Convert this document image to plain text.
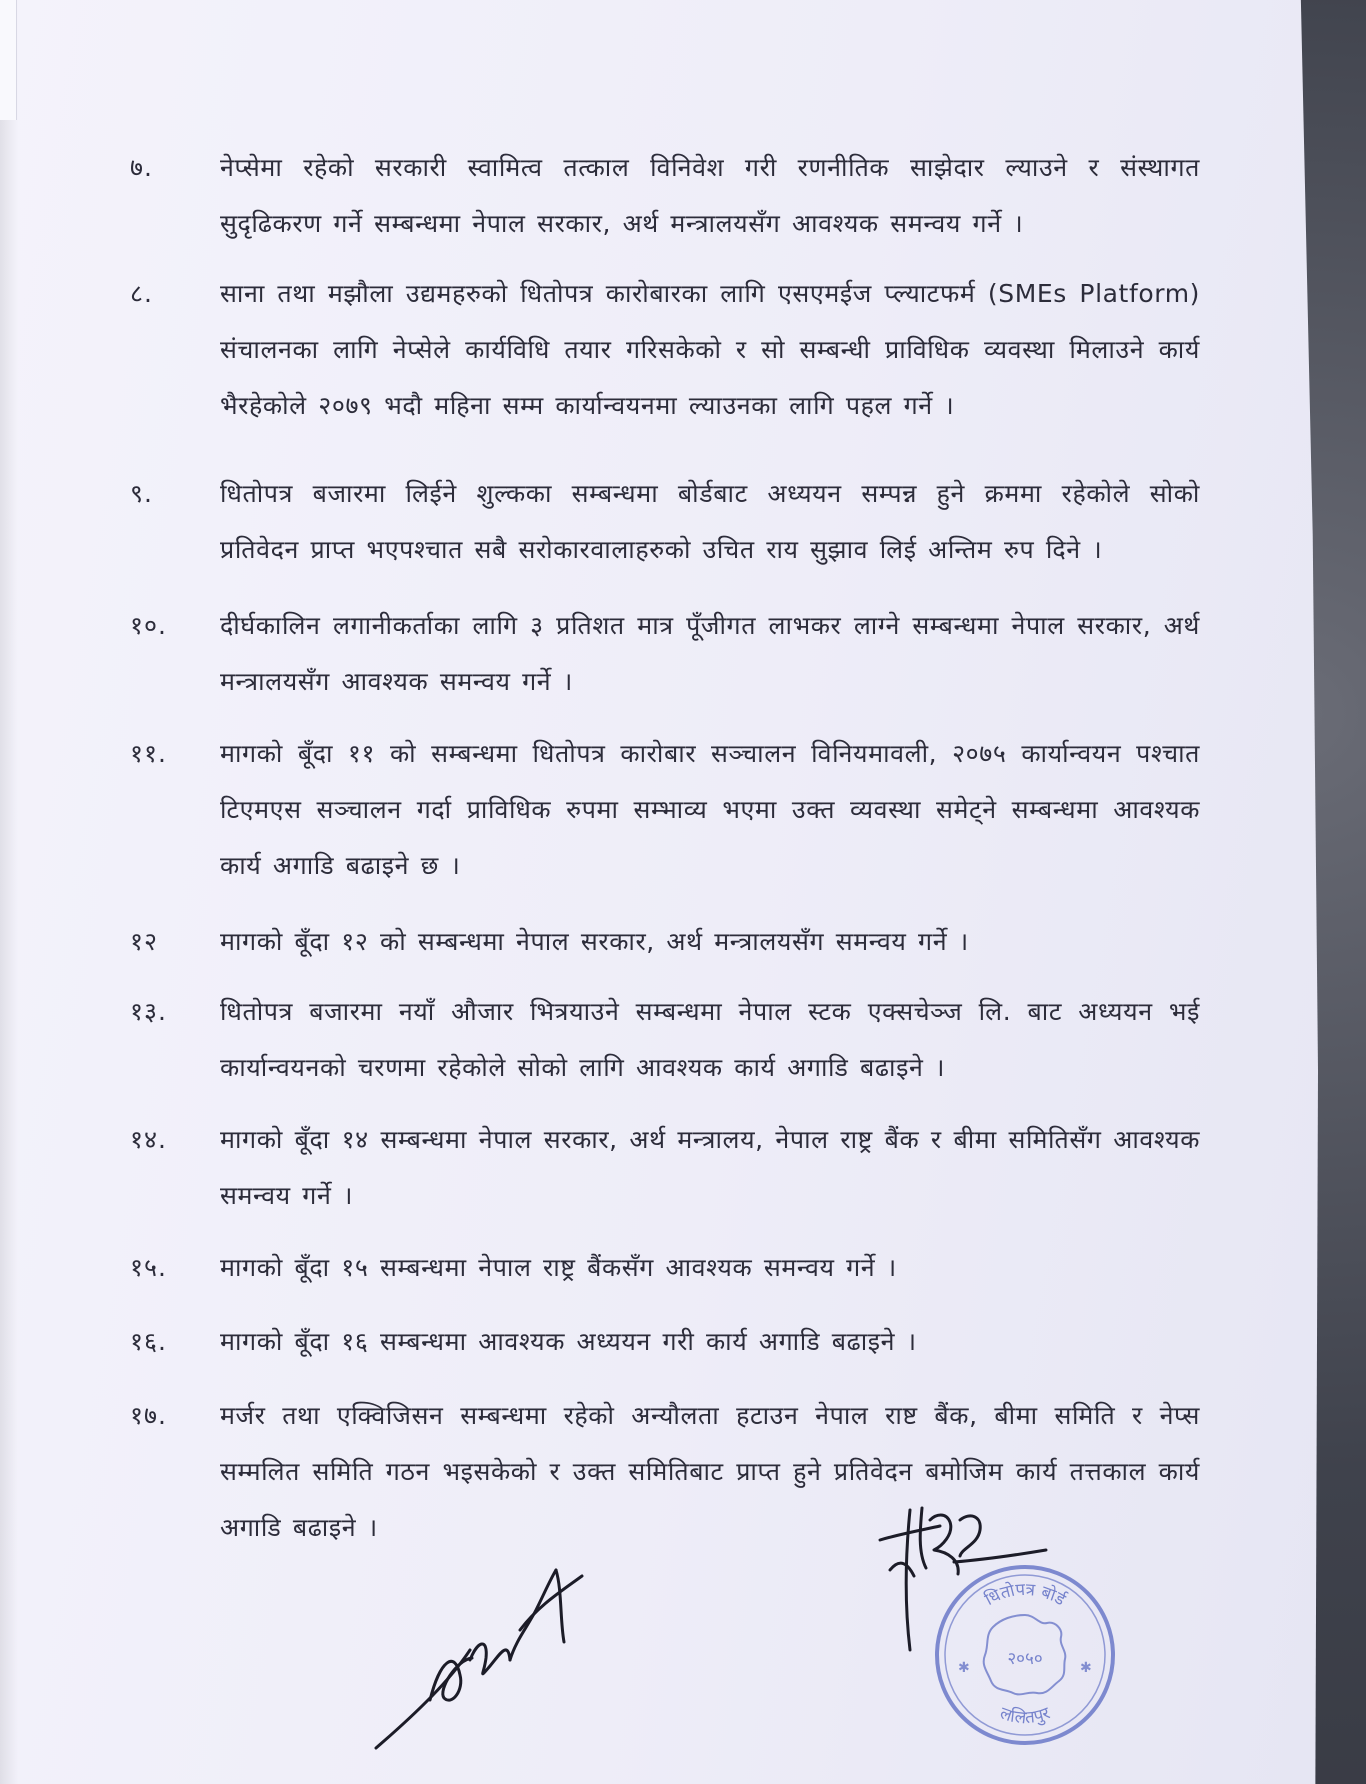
७.	नेप्सेमा रहेको सरकारी स्वामित्व तत्काल विनिवेश गरी रणनीतिक साझेदार ल्याउने र संस्थागत सुदृढिकरण गर्ने सम्बन्धमा नेपाल सरकार, अर्थ मन्त्रालयसँग आवश्यक समन्वय गर्ने ।
८.	साना तथा मझौला उद्यमहरुको धितोपत्र कारोबारका लागि एसएमईज प्ल्याटफर्म (SMEs Platform) संचालनका लागि नेप्सेले कार्यविधि तयार गरिसकेको र सो सम्बन्धी प्राविधिक व्यवस्था मिलाउने कार्य भैरहेकोले २०७९ भदौ महिना सम्म कार्यान्वयनमा ल्याउनका लागि पहल गर्ने ।
९.	धितोपत्र बजारमा लिईने शुल्कका सम्बन्धमा बोर्डबाट अध्ययन सम्पन्न हुने क्रममा रहेकोले सोको प्रतिवेदन प्राप्त भएपश्चात सबै सरोकारवालाहरुको उचित राय सुझाव लिई अन्तिम रुप दिने ।
१०.	दीर्घकालिन लगानीकर्ताका लागि ३ प्रतिशत मात्र पूँजीगत लाभकर लाग्ने सम्बन्धमा नेपाल सरकार, अर्थ मन्त्रालयसँग आवश्यक समन्वय गर्ने ।
११.	मागको बूँदा ११ को सम्बन्धमा धितोपत्र कारोबार सञ्चालन विनियमावली, २०७५ कार्यान्वयन पश्चात टिएमएस सञ्चालन गर्दा प्राविधिक रुपमा सम्भाव्य भएमा उक्त व्यवस्था समेट्ने सम्बन्धमा आवश्यक कार्य अगाडि बढाइने छ ।
१२	मागको बूँदा १२ को सम्बन्धमा नेपाल सरकार, अर्थ मन्त्रालयसँग समन्वय गर्ने ।
१३.	धितोपत्र बजारमा नयाँ औजार भित्रयाउने सम्बन्धमा नेपाल स्टक एक्सचेञ्ज लि. बाट अध्ययन भई कार्यान्वयनको चरणमा रहेकोले सोको लागि आवश्यक कार्य अगाडि बढाइने ।
१४.	मागको बूँदा १४ सम्बन्धमा नेपाल सरकार, अर्थ मन्त्रालय, नेपाल राष्ट्र बैंक र बीमा समितिसँग आवश्यक समन्वय गर्ने ।
१५.	मागको बूँदा १५ सम्बन्धमा नेपाल राष्ट्र बैंकसँग आवश्यक समन्वय गर्ने ।
१६.	मागको बूँदा १६ सम्बन्धमा आवश्यक अध्ययन गरी कार्य अगाडि बढाइने ।
१७.	मर्जर तथा एक्विजिसन सम्बन्धमा रहेको अन्यौलता हटाउन नेपाल राष्ट बैंक, बीमा समिति र नेप्स सम्मलित समिति गठन भइसकेको र उक्त समितिबाट प्राप्त हुने प्रतिवेदन बमोजिम कार्य तत्तकाल कार्य अगाडि बढाइने ।
धितोपत्र बोर्ड
२०५०
ललितपुर
✱	✱
